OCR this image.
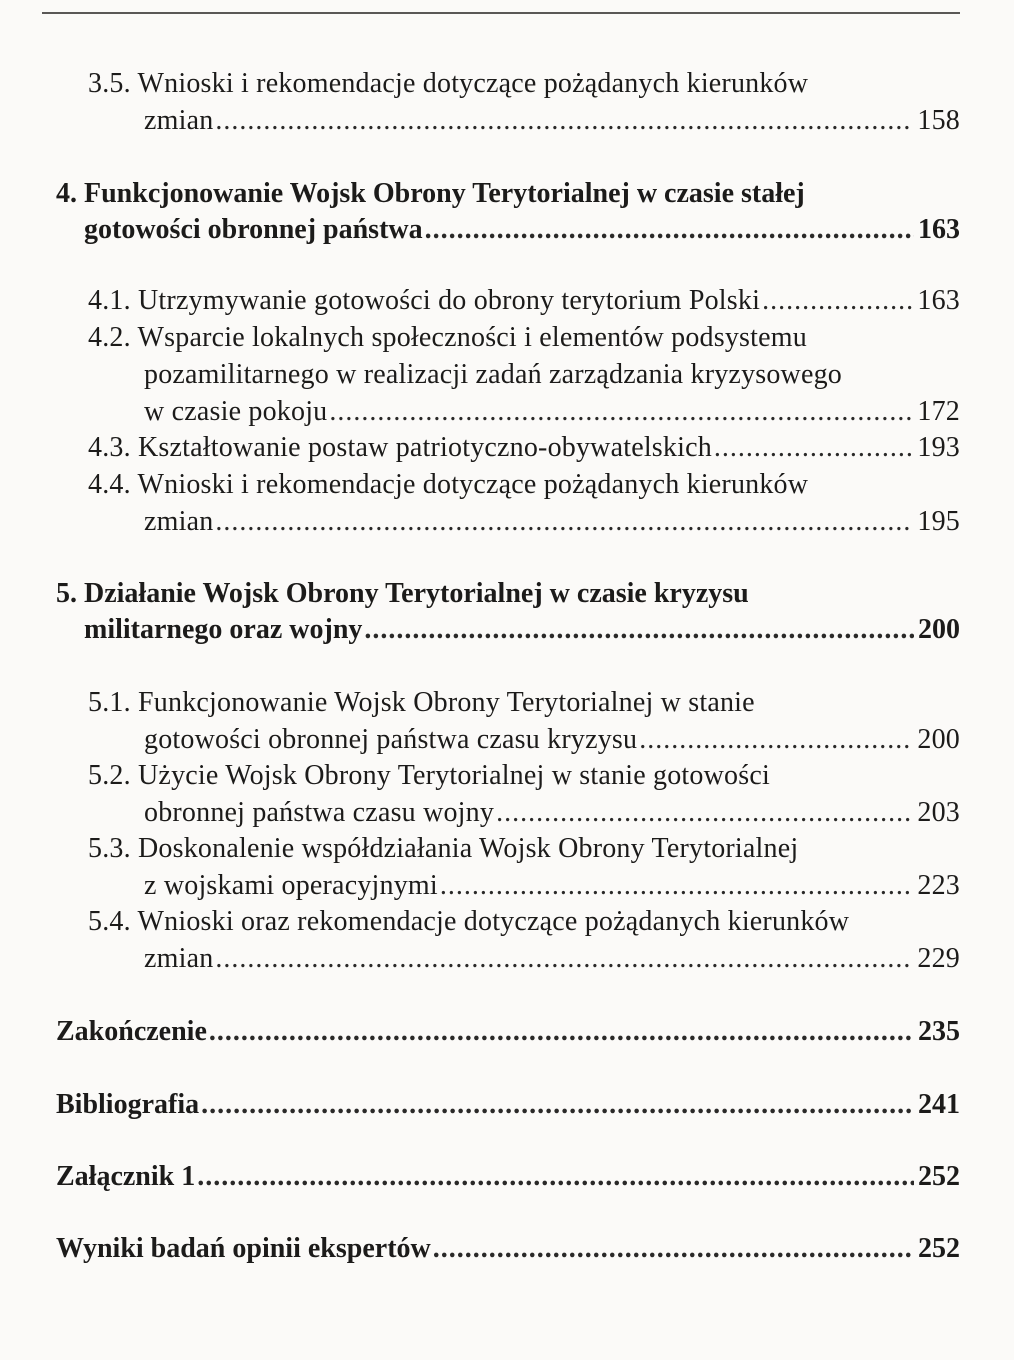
3.5. Wnioski i rekomendacje dotyczące pożądanych kierunków
zmian .....	158
4. Funkcjonowanie Wojsk Obrony Terytorialnej w czasie stałej
gotowości obronnej państwa .....	163
4.1. Utrzymywanie gotowości do obrony terytorium Polski .....	163
4.2. Wsparcie lokalnych społeczności i elementów podsystemu
pozamilitarnego w realizacji zadań zarządzania kryzysowego
w czasie pokoju .....	172
4.3. Kształtowanie postaw patriotyczno-obywatelskich .....	193
4.4. Wnioski i rekomendacje dotyczące pożądanych kierunków
zmian .....	195
5. Działanie Wojsk Obrony Terytorialnej w czasie kryzysu
militarnego oraz wojny .....	200
5.1. Funkcjonowanie Wojsk Obrony Terytorialnej w stanie
gotowości obronnej państwa czasu kryzysu .....	200
5.2. Użycie Wojsk Obrony Terytorialnej w stanie gotowości
obronnej państwa czasu wojny .....	203
5.3. Doskonalenie współdziałania Wojsk Obrony Terytorialnej
z wojskami operacyjnymi .....	223
5.4. Wnioski oraz rekomendacje dotyczące pożądanych kierunków
zmian .....	229
Zakończenie .....	235
Bibliografia .....	241
Załącznik 1 .....	252
Wyniki badań opinii ekspertów .....	252
